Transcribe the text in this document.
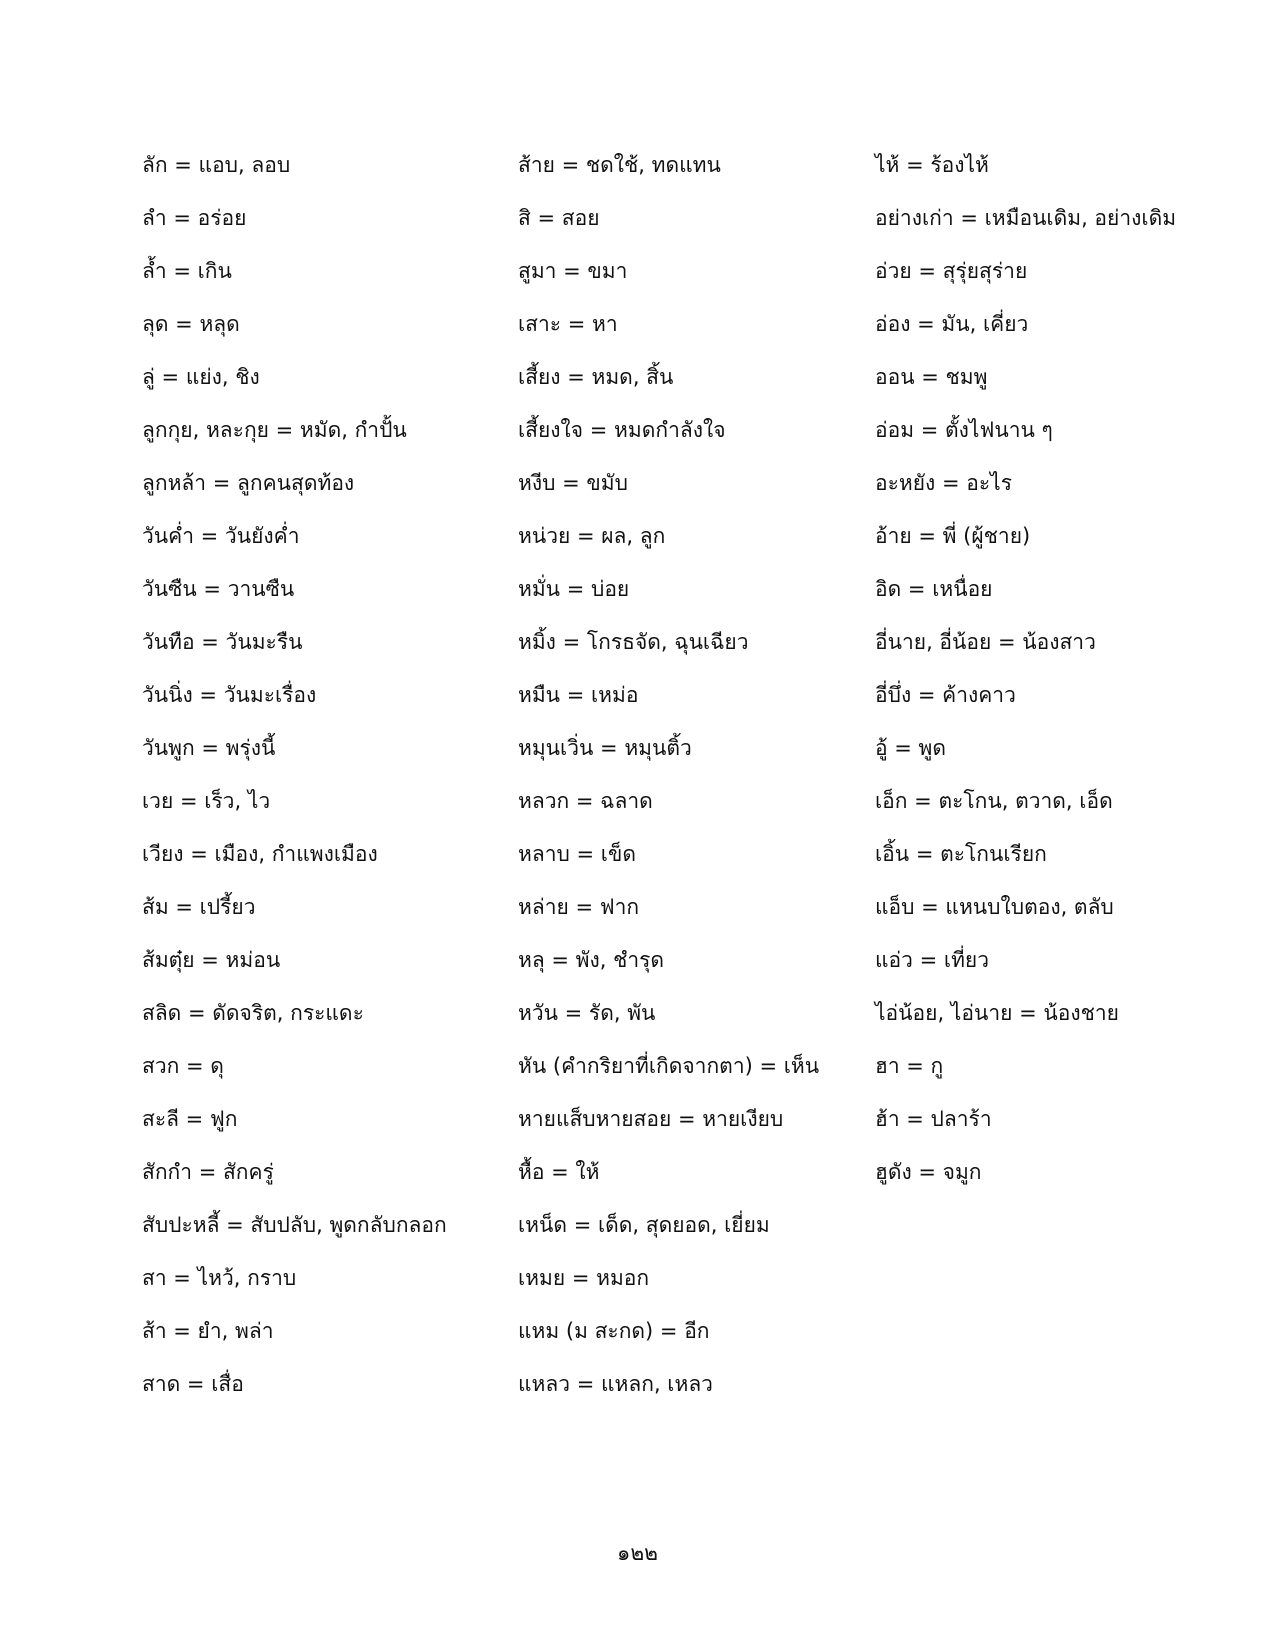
ลัก = แอบ, ลอบ
ลำ = อร่อย
ล้ำ = เกิน
ลุด = หลุด
ลู่ = แย่ง, ชิง
ลูกกุย, หละกุย = หมัด, กำปั้น
ลูกหล้า = ลูกคนสุดท้อง
วันค่ำ = วันยังค่ำ
วันซืน = วานซืน
วันทือ = วันมะรืน
วันนิ่ง = วันมะเรื่อง
วันพูก = พรุ่งนี้
เวย = เร็ว, ไว
เวียง = เมือง, กำแพงเมือง
ส้ม = เปรี้ยว
ส้มตุ๋ย = หม่อน
สลิด = ดัดจริต, กระแดะ
สวก = ดุ
สะลี = ฟูก
สักกำ = สักครู่
สับปะหลี้ = สับปลับ, พูดกลับกลอก
สา = ไหว้, กราบ
ส้า = ยำ, พล่า
สาด = เสื่อ
ส้าย = ชดใช้, ทดแทน
สิ = สอย
สูมา = ขมา
เสาะ = หา
เสี้ยง = หมด, สิ้น
เสี้ยงใจ = หมดกำลังใจ
หงีบ = ขมับ
หน่วย = ผล, ลูก
หมั่น = บ่อย
หมิ้ง = โกรธจัด, ฉุนเฉียว
หมืน = เหม่อ
หมุนเวิ่น = หมุนติ้ว
หลวก = ฉลาด
หลาบ = เข็ด
หล่าย = ฟาก
หลุ = พัง, ชำรุด
หวัน = รัด, พัน
หัน (คำกริยาที่เกิดจากตา) = เห็น
หายแส็บหายสอย = หายเงียบ
หื้อ = ให้
เหน็ด = เด็ด, สุดยอด, เยี่ยม
เหมย = หมอก
แหม (ม สะกด) = อีก
แหลว = แหลก, เหลว
ไห้ = ร้องไห้
อย่างเก่า = เหมือนเดิม, อย่างเดิม
อ่วย = สุรุ่ยสุร่าย
อ่อง = มัน, เคี่ยว
ออน = ชมพู
อ่อม = ตั้งไฟนาน ๆ
อะหยัง = อะไร
อ้าย = พี่ (ผู้ชาย)
อิด = เหนื่อย
อี่นาย, อี่น้อย = น้องสาว
อี่บึ่ง = ค้างคาว
อู้ = พูด
เอ็ก = ตะโกน, ตวาด, เอ็ด
เอิ้น = ตะโกนเรียก
แอ็บ = แหนบใบตอง, ตลับ
แอ่ว = เที่ยว
ไอ่น้อย, ไอ่นาย = น้องชาย
ฮา = กู
ฮ้า = ปลาร้า
ฮูดัง = จมูก
๑๒๒
